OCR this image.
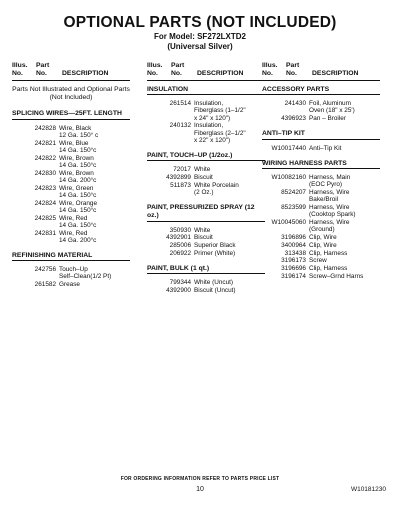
OPTIONAL PARTS (NOT INCLUDED)
For Model: SF272LXTD2
(Universal Silver)
Illus.
No.
Part
No.	DESCRIPTION
Parts Not Illustrated and Optional Parts (Not Included)
SPLICING WIRES—25FT. LENGTH
242828 Wire, Black
12 Ga. 150° c
242821 Wire, Blue
14 Ga. 150°c
242822 Wire, Brown
14 Ga. 150°c
242830 Wire, Brown
14 Ga. 200°c
242823 Wire, Green
14 Ga. 150°c
242824 Wire, Orange
14 Ga. 150°c
242825 Wire, Red
14 Ga. 150°c
242831 Wire, Red
14 Ga. 200°c
REFINISHING MATERIAL
242756 Touch–Up
Self–Clean(1/2 Pt)
261582 Grease
Illus.
No.
Part
No.	DESCRIPTION
INSULATION
261514 Insulation,
Fiberglass (1–1/2"
x 24" x 120")
240132 Insulation,
Fiberglass (2–1/2"
x 22" x 120")
PAINT, TOUCH–UP (1/2oz.)
72017 White
4392899 Biscuit
511873 White Porcelain
(2 Oz.)
PAINT, PRESSURIZED SPRAY (12 oz.)
350930 White
4392901 Biscuit
285006 Superior Black
206922 Primer (White)
PAINT, BULK (1 qt.)
799344 White (Uncut)
4392900 Biscuit (Uncut)
Illus.
No.
Part
No.	DESCRIPTION
ACCESSORY PARTS
241430 Foil, Aluminum
Oven (18" x 25')
4396923 Pan – Broiler
ANTI–TIP KIT
W10017440 Anti–Tip Kit
WIRING HARNESS PARTS
W10082160 Harness, Main
(EOC Pyro)
8524207 Harness, Wire
Bake/Broil
8523599 Harness, Wire
(Cooktop Spark)
W10045060 Harness, Wire
(Ground)
3196896 Clip, Wire
3400964 Clip, Wire
313438 Clip, Harness
3196173 Screw
3196696 Clip, Harness
3196174 Screw–Grnd Harns
FOR ORDERING INFORMATION REFER TO PARTS PRICE LIST
10	W10181230
